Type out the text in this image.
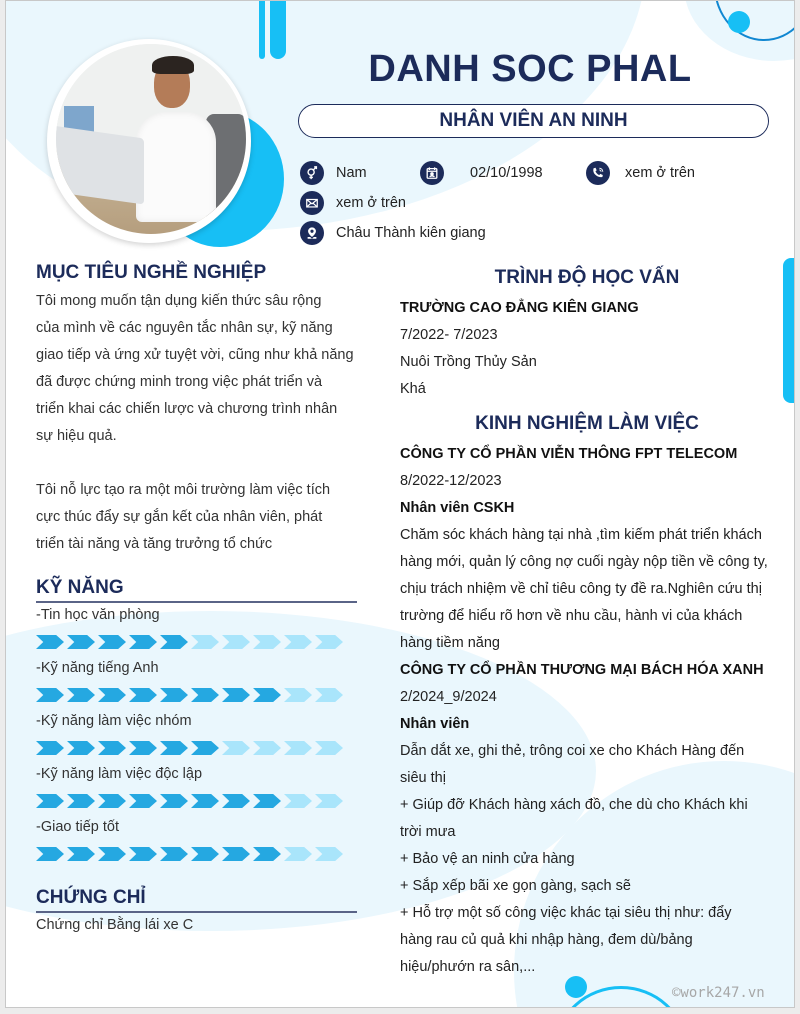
DANH SOC PHAL
NHÂN VIÊN AN NINH
Nam	02/10/1998	xem ở trên
xem ở trên
Châu Thành kiên giang
MỤC TIÊU NGHỀ NGHIỆP
Tôi mong muốn tận dụng kiến thức sâu rộng
của mình về các nguyên tắc nhân sự, kỹ năng
giao tiếp và ứng xử tuyệt vời, cũng như khả năng
đã được chứng minh trong việc phát triển và
triển khai các chiến lược và chương trình nhân
sự hiệu quả.
Tôi nỗ lực tạo ra một môi trường làm việc tích
cực thúc đẩy sự gắn kết của nhân viên, phát
triển tài năng và tăng trưởng tổ chức
KỸ NĂNG
-Tin học văn phòng
-Kỹ năng tiếng Anh
-Kỹ năng làm việc nhóm
-Kỹ năng làm việc độc lập
-Giao tiếp tốt
CHỨNG CHỈ
Chứng chỉ Bằng lái xe C
TRÌNH ĐỘ HỌC VẤN
TRƯỜNG CAO ĐẲNG KIÊN GIANG
7/2022- 7/2023
Nuôi Trồng Thủy Sản
Khá
KINH NGHIỆM LÀM VIỆC
CÔNG TY CỔ PHẦN VIỄN THÔNG FPT TELECOM
8/2022-12/2023
Nhân viên CSKH
Chăm sóc khách hàng tại nhà ,tìm kiếm phát triển khách
hàng mới, quản lý công nợ cuối ngày nộp tiền về công ty,
chịu trách nhiệm về chỉ tiêu công ty đề ra.Nghiên cứu thị
trường để hiểu rõ hơn về nhu cầu, hành vi của khách
hàng tiềm năng
CÔNG TY CỔ PHẦN THƯƠNG MẠI BÁCH HÓA XANH
2/2024_9/2024
Nhân viên
Dẫn dắt xe, ghi thẻ, trông coi xe cho Khách Hàng đến
siêu thị
+ Giúp đỡ Khách hàng xách đồ, che dù cho Khách khi
trời mưa
+ Bảo vệ an ninh cửa hàng
+ Sắp xếp bãi xe gọn gàng, sạch sẽ
+ Hỗ trợ một số công việc khác tại siêu thị như: đẩy
hàng rau củ quả khi nhập hàng, đem dù/bảng
hiệu/phướn ra sân,...
©work247.vn
